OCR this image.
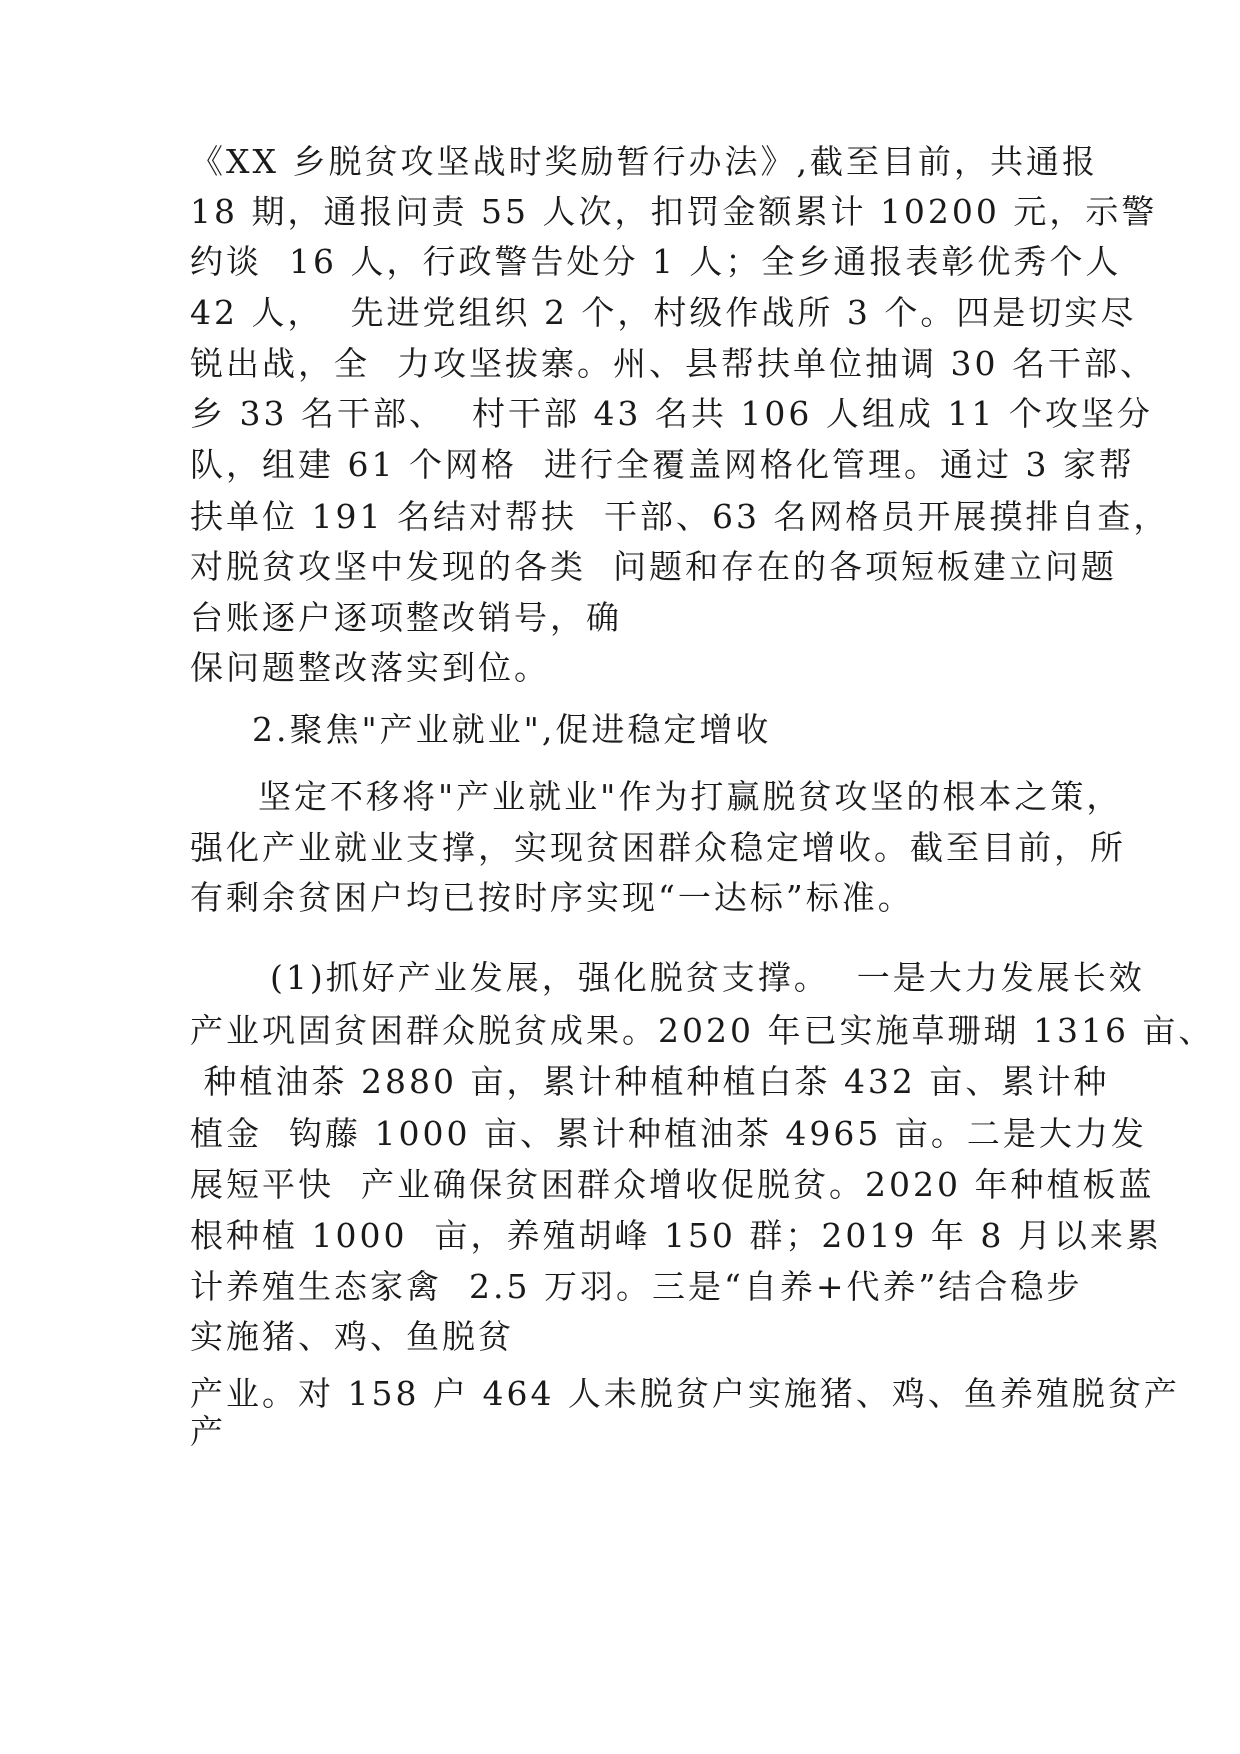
《XX 乡脱贫攻坚战时奖励暂行办法》,截至目前，共通报

18 期，通报问责 55 人次，扣罚金额累计 10200 元，示警

约谈  16 人，行政警告处分 1 人；全乡通报表彰优秀个人

42 人，  先进党组织 2 个，村级作战所 3 个。四是切实尽

锐出战，全  力攻坚拔寨。州、县帮扶单位抽调 30 名干部、

乡 33 名干部、  村干部 43 名共 106 人组成 11 个攻坚分

队，组建 61 个网格  进行全覆盖网格化管理。通过 3 家帮

扶单位 191 名结对帮扶  干部、63 名网格员开展摸排自查，

对脱贫攻坚中发现的各类  问题和存在的各项短板建立问题

台账逐户逐项整改销号，确

保问题整改落实到位。

2.聚焦"产业就业",促进稳定增收

坚定不移将"产业就业"作为打赢脱贫攻坚的根本之策，

强化产业就业支撑，实现贫困群众稳定增收。截至目前，所

有剩余贫困户均已按时序实现“一达标”标准。

(1)抓好产业发展，强化脱贫支撑。  一是大力发展长效

产业巩固贫困群众脱贫成果。2020 年已实施草珊瑚 1316 亩、

种植油茶 2880 亩，累计种植种植白茶 432 亩、累计种

植金  钩藤 1000 亩、累计种植油茶 4965 亩。二是大力发

展短平快  产业确保贫困群众增收促脱贫。2020 年种植板蓝

根种植 1000  亩，养殖胡峰 150 群；2019 年 8 月以来累

计养殖生态家禽  2.5 万羽。三是“自养+代养”结合稳步

实施猪、鸡、鱼脱贫

产业。对 158 户 464 人未脱贫户实施猪、鸡、鱼养殖脱贫产

产
